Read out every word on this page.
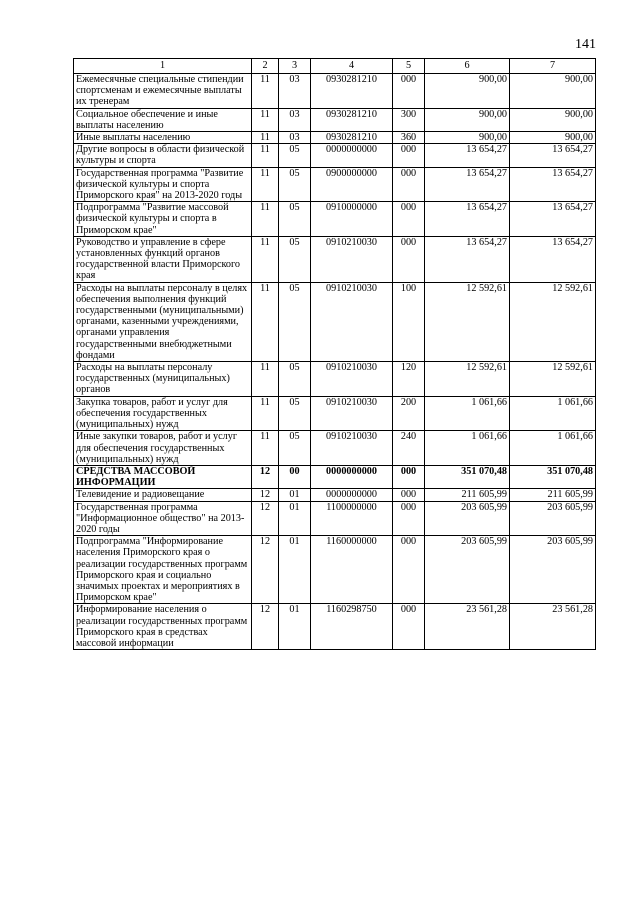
141
1	2	3	4	5	6	7
Ежемесячные специальные стипендии спортсменам и ежемесячные выплаты их тренерам	11	03	0930281210	000	900,00	900,00
Социальное обеспечение и иные выплаты населению	11	03	0930281210	300	900,00	900,00
Иные выплаты населению	11	03	0930281210	360	900,00	900,00
Другие вопросы в области физической культуры и спорта	11	05	0000000000	000	13 654,27	13 654,27
Государственная программа "Развитие физической культуры и спорта Приморского края" на 2013-2020 годы	11	05	0900000000	000	13 654,27	13 654,27
Подпрограмма "Развитие массовой физической культуры и спорта в Приморском крае"	11	05	0910000000	000	13 654,27	13 654,27
Руководство и управление в сфере установленных функций органов государственной власти Приморского края	11	05	0910210030	000	13 654,27	13 654,27
Расходы на выплаты персоналу в целях обеспечения выполнения функций государственными (муниципальными) органами, казенными учреждениями, органами управления государственными внебюджетными фондами	11	05	0910210030	100	12 592,61	12 592,61
Расходы на выплаты персоналу государственных (муниципальных) органов	11	05	0910210030	120	12 592,61	12 592,61
Закупка товаров, работ и услуг для обеспечения государственных (муниципальных) нужд	11	05	0910210030	200	1 061,66	1 061,66
Иные закупки товаров, работ и услуг для обеспечения государственных (муниципальных) нужд	11	05	0910210030	240	1 061,66	1 061,66
СРЕДСТВА МАССОВОЙ ИНФОРМАЦИИ	12	00	0000000000	000	351 070,48	351 070,48
Телевидение и радиовещание	12	01	0000000000	000	211 605,99	211 605,99
Государственная программа "Информационное общество" на 2013-2020 годы	12	01	1100000000	000	203 605,99	203 605,99
Подпрограмма "Информирование населения Приморского края о реализации государственных программ Приморского края и социально значимых проектах и мероприятиях в Приморском крае"	12	01	1160000000	000	203 605,99	203 605,99
Информирование населения о реализации государственных программ Приморского края в средствах массовой информации	12	01	1160298750	000	23 561,28	23 561,28
